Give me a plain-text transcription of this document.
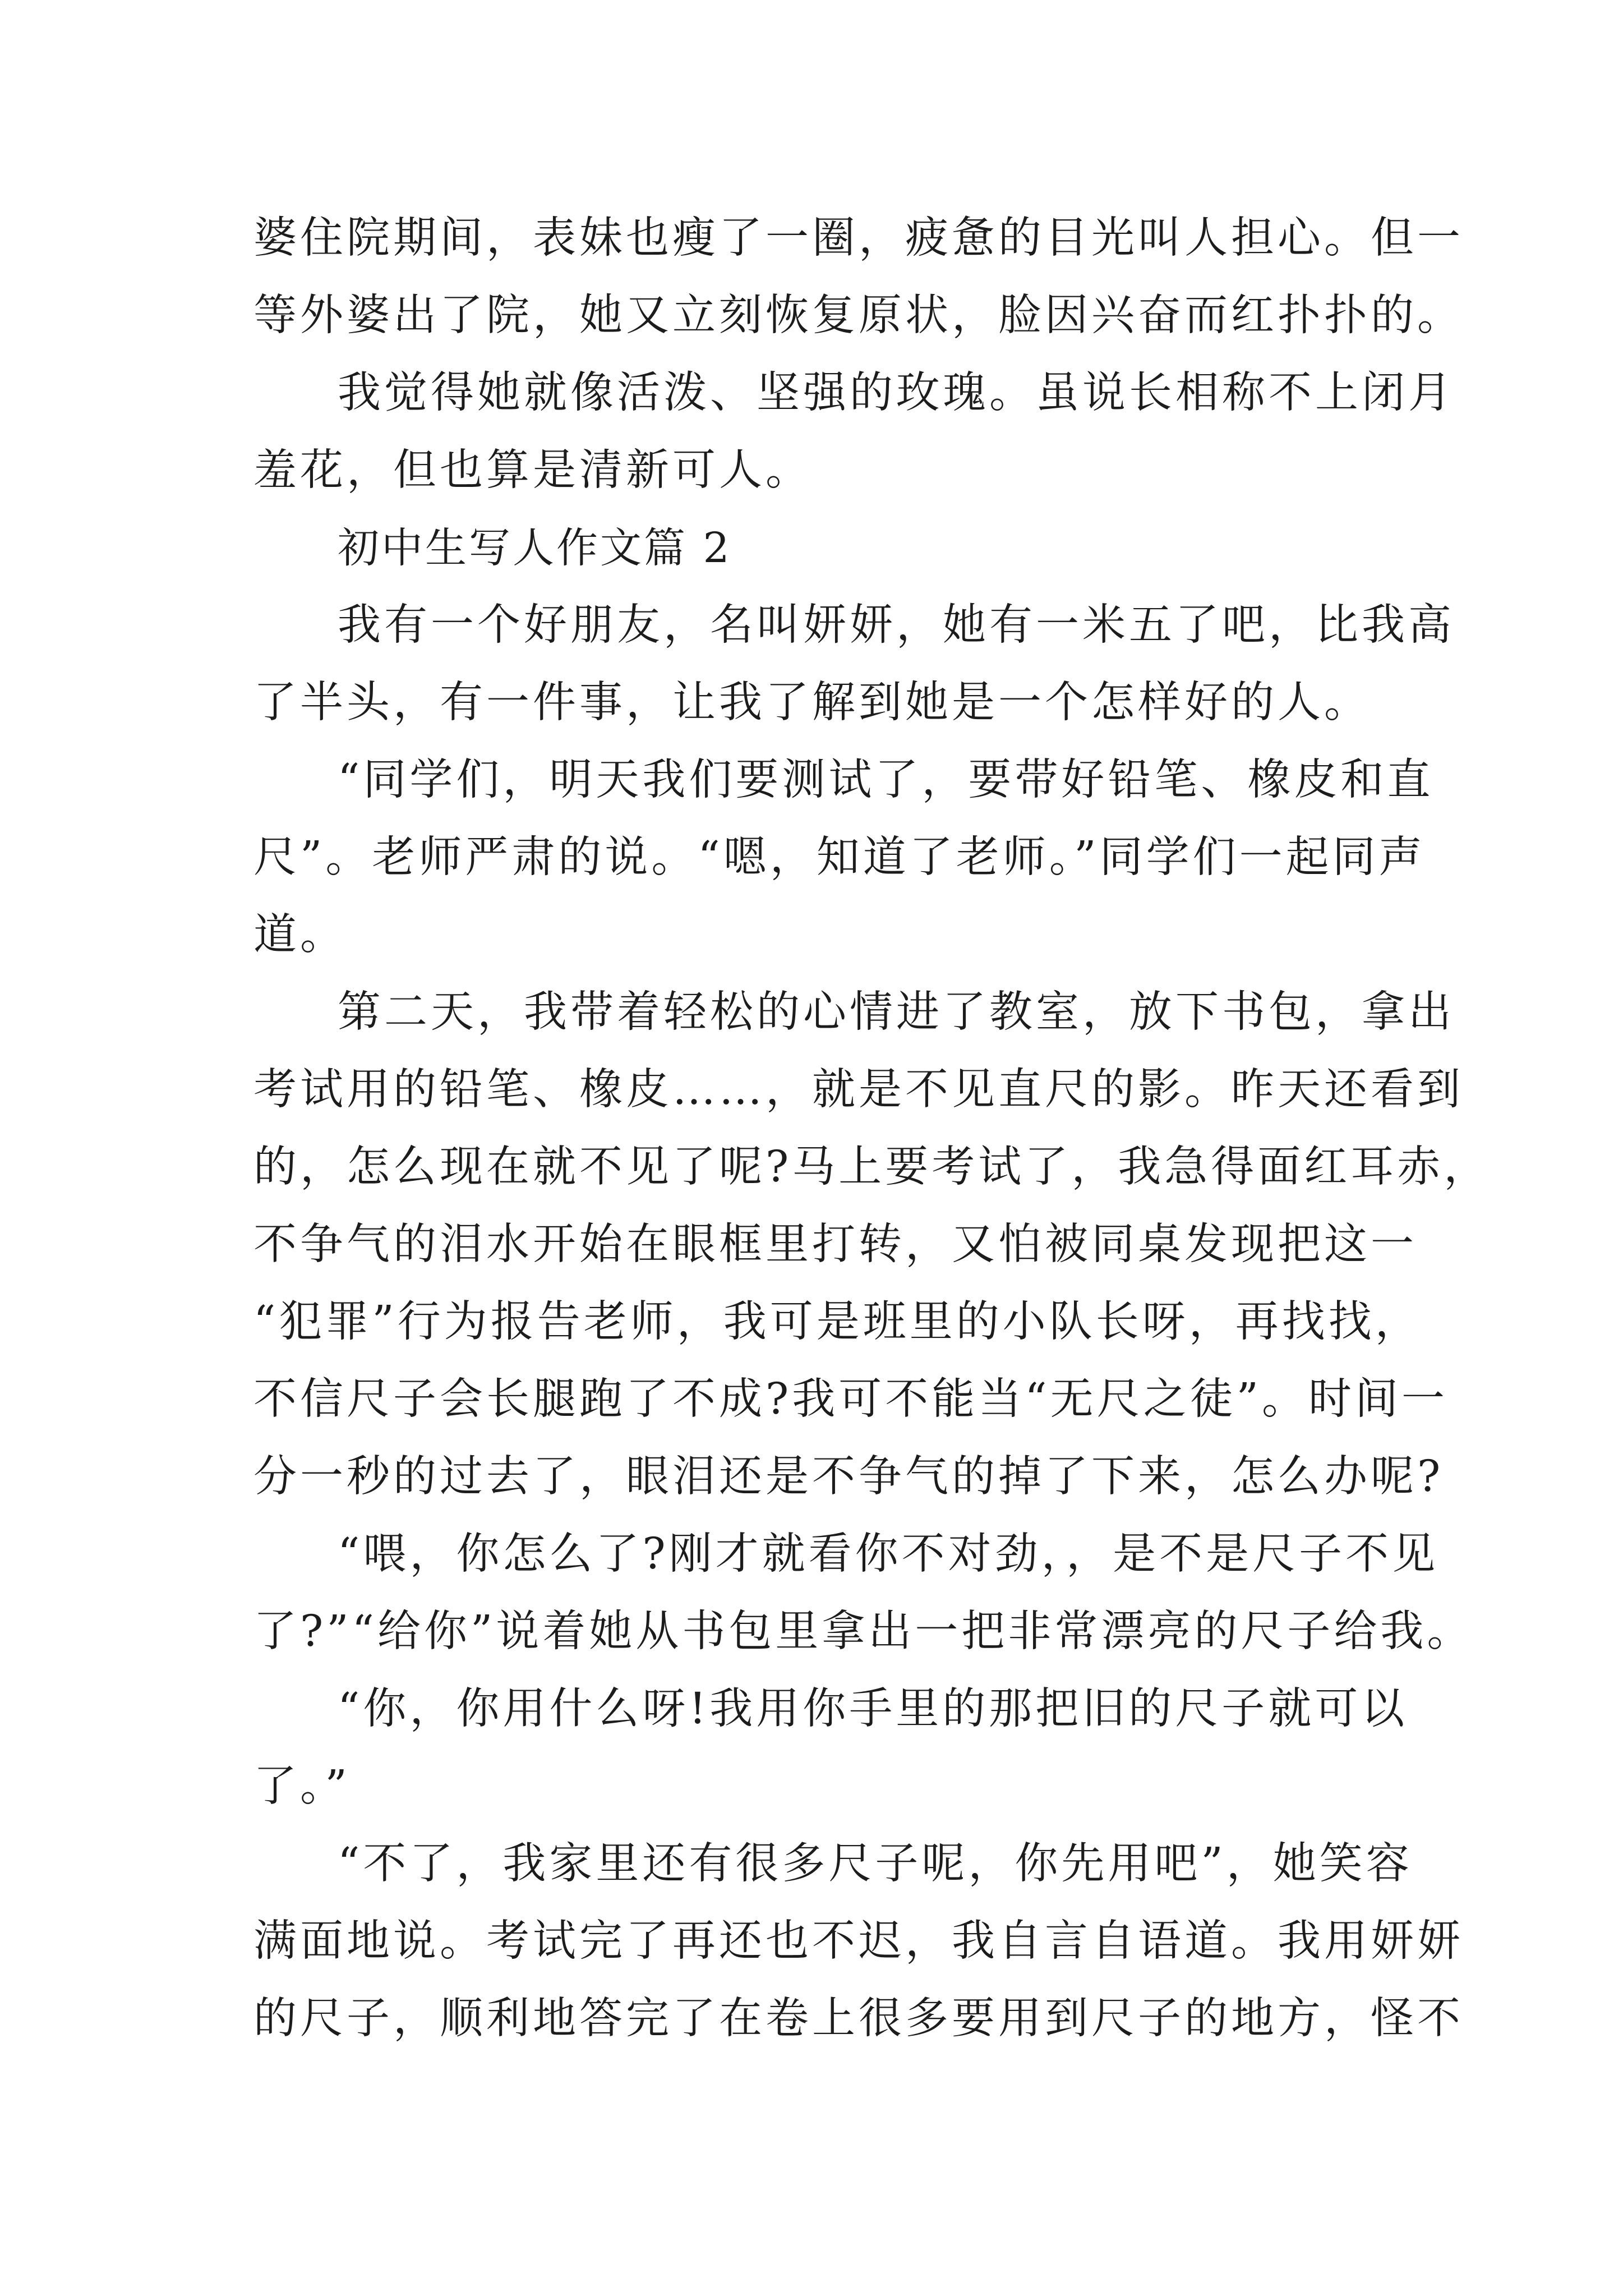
婆住院期间，表妹也瘦了一圈，疲惫的目光叫人担心。但一
等外婆出了院，她又立刻恢复原状，脸因兴奋而红扑扑的。
我觉得她就像活泼、坚强的玫瑰。虽说长相称不上闭月
羞花，但也算是清新可人。
初中生写人作文篇 2
我有一个好朋友，名叫妍妍，她有一米五了吧，比我高
了半头，有一件事，让我了解到她是一个怎样好的人。
“同学们，明天我们要测试了，要带好铅笔、橡皮和直
尺”。老师严肃的说。“嗯，知道了老师。”同学们一起同声
道。
第二天，我带着轻松的心情进了教室，放下书包，拿出
考试用的铅笔、橡皮……，就是不见直尺的影。昨天还看到
的，怎么现在就不见了呢?马上要考试了，我急得面红耳赤，
不争气的泪水开始在眼框里打转，又怕被同桌发现把这一
“犯罪”行为报告老师，我可是班里的小队长呀，再找找，
不信尺子会长腿跑了不成?我可不能当“无尺之徒”。时间一
分一秒的过去了，眼泪还是不争气的掉了下来，怎么办呢?
“喂，你怎么了?刚才就看你不对劲，，是不是尺子不见
了?”“给你”说着她从书包里拿出一把非常漂亮的尺子给我。
“你，你用什么呀!我用你手里的那把旧的尺子就可以
了。”
“不了，我家里还有很多尺子呢，你先用吧”，她笑容
满面地说。考试完了再还也不迟，我自言自语道。我用妍妍
的尺子，顺利地答完了在卷上很多要用到尺子的地方，怪不
